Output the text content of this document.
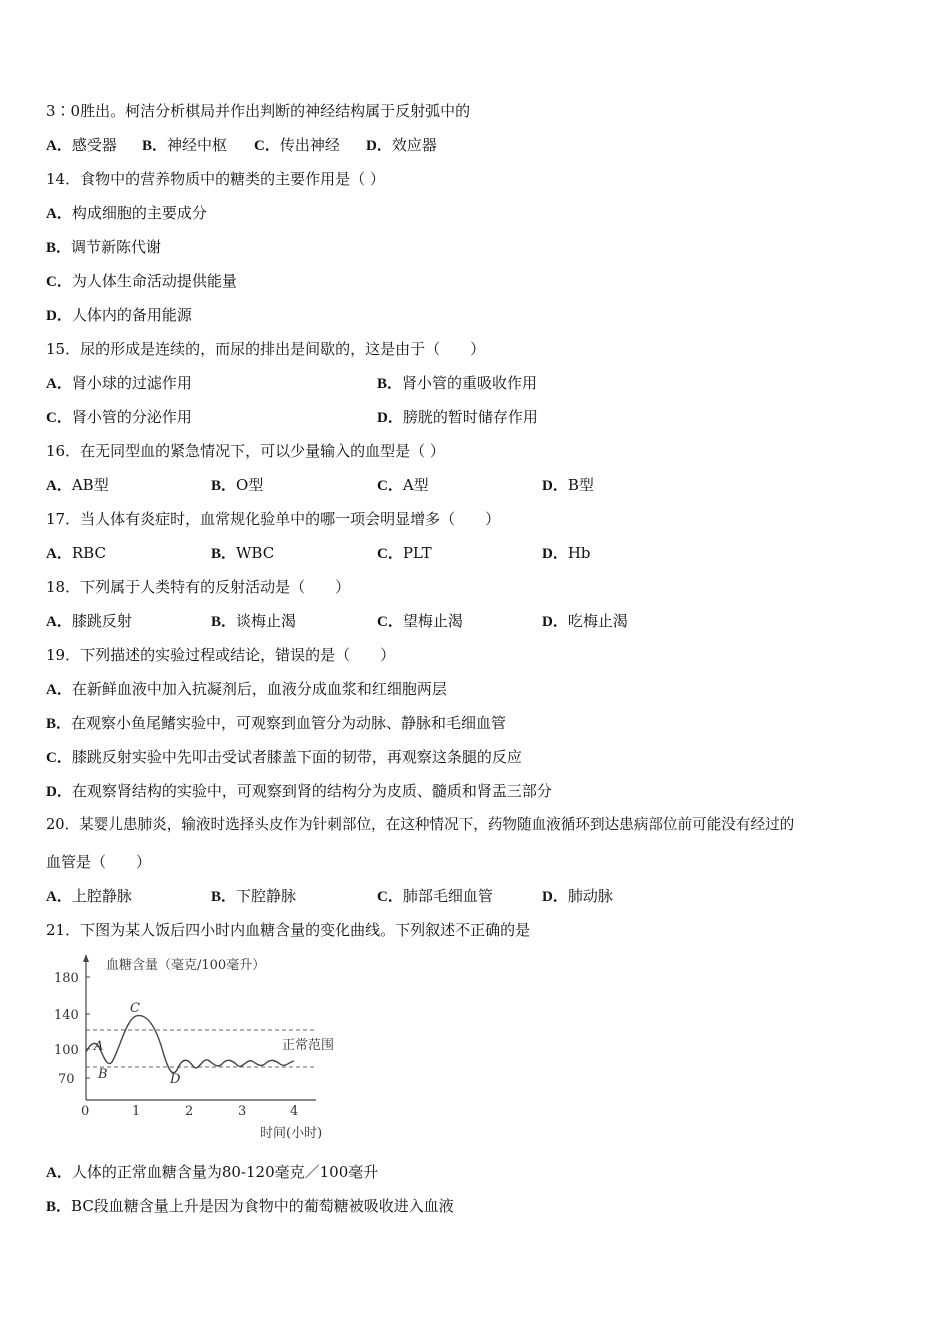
3∶0胜出。柯洁分析棋局并作出判断的神经结构属于反射弧中的
A．感受器 B．神经中枢 C．传出神经 D．效应器
14．食物中的营养物质中的糖类的主要作用是（ ）
A．构成细胞的主要成分
B．调节新陈代谢
C．为人体生命活动提供能量
D．人体内的备用能源
15．尿的形成是连续的，而尿的排出是间歇的，这是由于（　　）
A．肾小球的过滤作用	B．肾小管的重吸收作用
C．肾小管的分泌作用	D．膀胱的暂时储存作用
16．在无同型血的紧急情况下，可以少量输入的血型是（ ）
A．AB型	B．O型	C．A型	D．B型
17．当人体有炎症时，血常规化验单中的哪一项会明显增多（　　）
A．RBC	B．WBC	C．PLT	D．Hb
18．下列属于人类特有的反射活动是（　　）
A．膝跳反射	B．谈梅止渴	C．望梅止渴	D．吃梅止渴
19．下列描述的实验过程或结论，错误的是（　　）
A．在新鲜血液中加入抗凝剂后，血液分成血浆和红细胞两层
B．在观察小鱼尾鳍实验中，可观察到血管分为动脉、静脉和毛细血管
C．膝跳反射实验中先叩击受试者膝盖下面的韧带，再观察这条腿的反应
D．在观察肾结构的实验中，可观察到肾的结构分为皮质、髓质和肾盂三部分
20．某婴儿患肺炎，输液时选择头皮作为针刺部位，在这种情况下，药物随血液循环到达患病部位前可能没有经过的
血管是（　　）
A．上腔静脉	B．下腔静脉	C．肺部毛细血管	D．肺动脉
21．下图为某人饭后四小时内血糖含量的变化曲线。下列叙述不正确的是
血糖含量（毫克/100毫升）
180
140
100
70
正常范围
A
B
C
D
0	1	2	3	4
时间(小时)
A．人体的正常血糖含量为80-120毫克／100毫升
B．BC段血糖含量上升是因为食物中的葡萄糖被吸收进入血液
